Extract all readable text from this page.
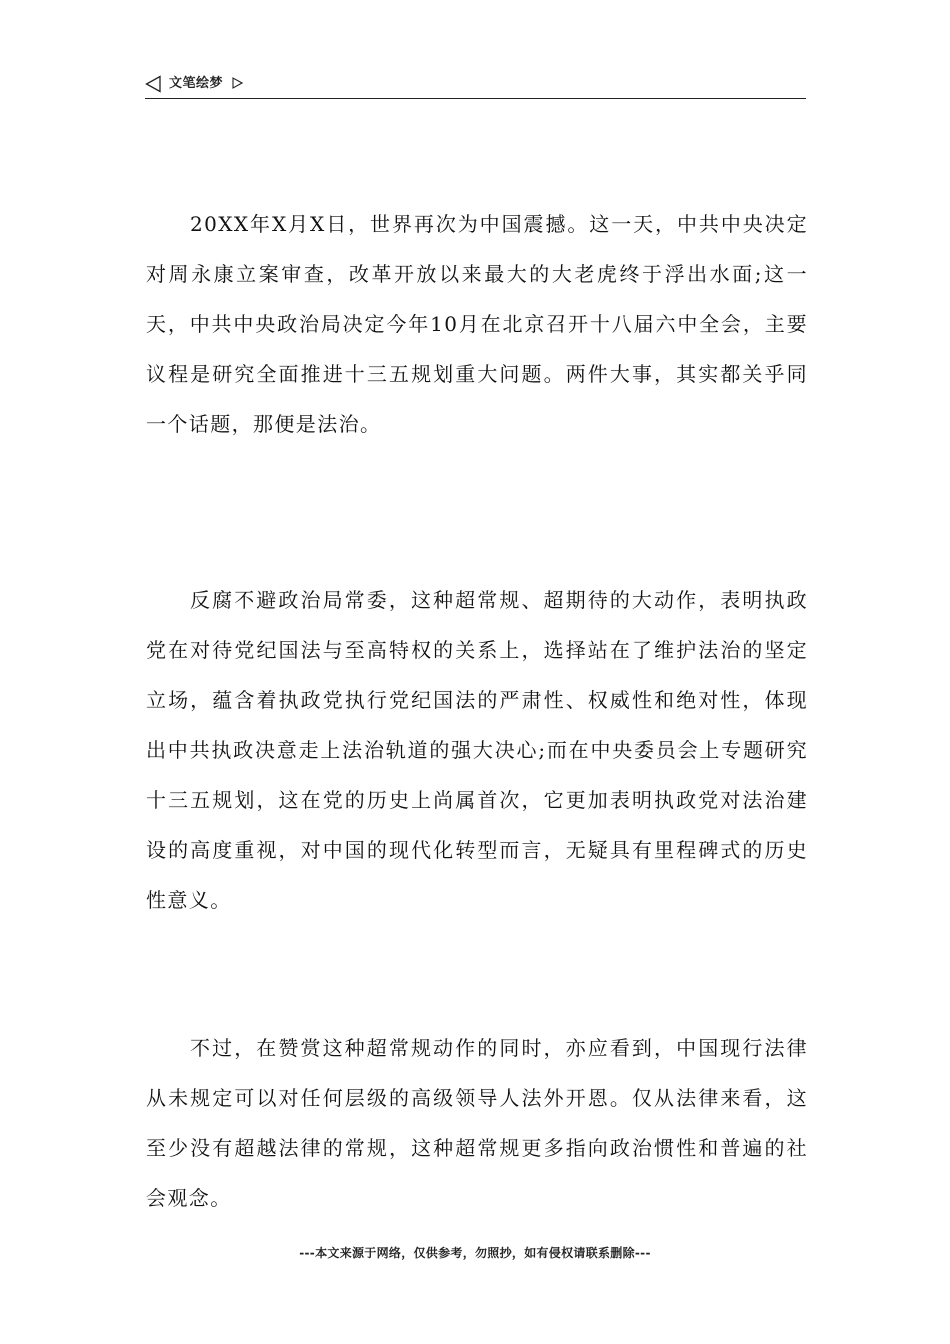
文笔绘梦

20XX年X月X日，世界再次为中国震撼。这一天，中共中央决定对周永康立案审查，改革开放以来最大的大老虎终于浮出水面;这一天，中共中央政治局决定今年10月在北京召开十八届六中全会，主要议程是研究全面推进十三五规划重大问题。两件大事，其实都关乎同一个话题，那便是法治。

反腐不避政治局常委，这种超常规、超期待的大动作，表明执政党在对待党纪国法与至高特权的关系上，选择站在了维护法治的坚定立场，蕴含着执政党执行党纪国法的严肃性、权威性和绝对性，体现出中共执政决意走上法治轨道的强大决心;而在中央委员会上专题研究十三五规划，这在党的历史上尚属首次，它更加表明执政党对法治建设的高度重视，对中国的现代化转型而言，无疑具有里程碑式的历史性意义。

不过，在赞赏这种超常规动作的同时，亦应看到，中国现行法律从未规定可以对任何层级的高级领导人法外开恩。仅从法律来看，这至少没有超越法律的常规，这种超常规更多指向政治惯性和普遍的社会观念。

---本文来源于网络，仅供参考，勿照抄，如有侵权请联系删除---
